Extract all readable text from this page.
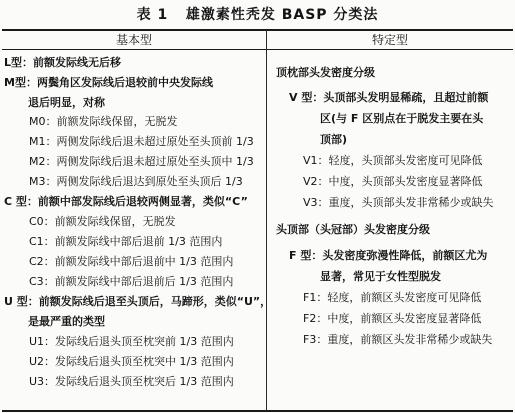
表 1   雄激素性秃发 BASP 分类法
基本型	特定型
L型：前额发际线无后移
M型：两鬓角区发际线后退较前中央发际线
退后明显，对称
M0：前额发际线保留，无脱发
M1：两侧发际线后退未超过原处至头顶前 1/3
M2：两侧发际线后退未超过原处至头顶中 1/3
M3：两侧发际线后退达到原处至头顶后 1/3
C 型：前额中部发际线后退较两侧显著，类似“C”
C0：前额发际线保留，无脱发
C1：前额发际线中部后退前 1/3 范围内
C2：前额发际线中部后退前中 1/3 范围内
C3：前额发际线中部后退前后 1/3 范围内
U 型：前额发际线后退至头顶后，马蹄形，类似“U”，
是最严重的类型
U1：发际线后退头顶至枕突前 1/3 范围内
U2：发际线后退头顶至枕突中 1/3 范围内
U3：发际线后退头顶至枕突后 1/3 范围内
顶枕部头发密度分级
V 型：头顶部头发明显稀疏，且超过前额
区(与 F 区别点在于脱发主要在头
顶部)
V1：轻度，头顶部头发密度可见降低
V2：中度，头顶部头发密度显著降低
V3：重度，头顶部头发非常稀少或缺失
头顶部（头冠部）头发密度分级
F 型：头发密度弥漫性降低，前额区尤为
显著，常见于女性型脱发
F1：轻度，前额区头发密度可见降低
F2：中度，前额区头发密度显著降低
F3：重度，前额区头发非常稀少或缺失
